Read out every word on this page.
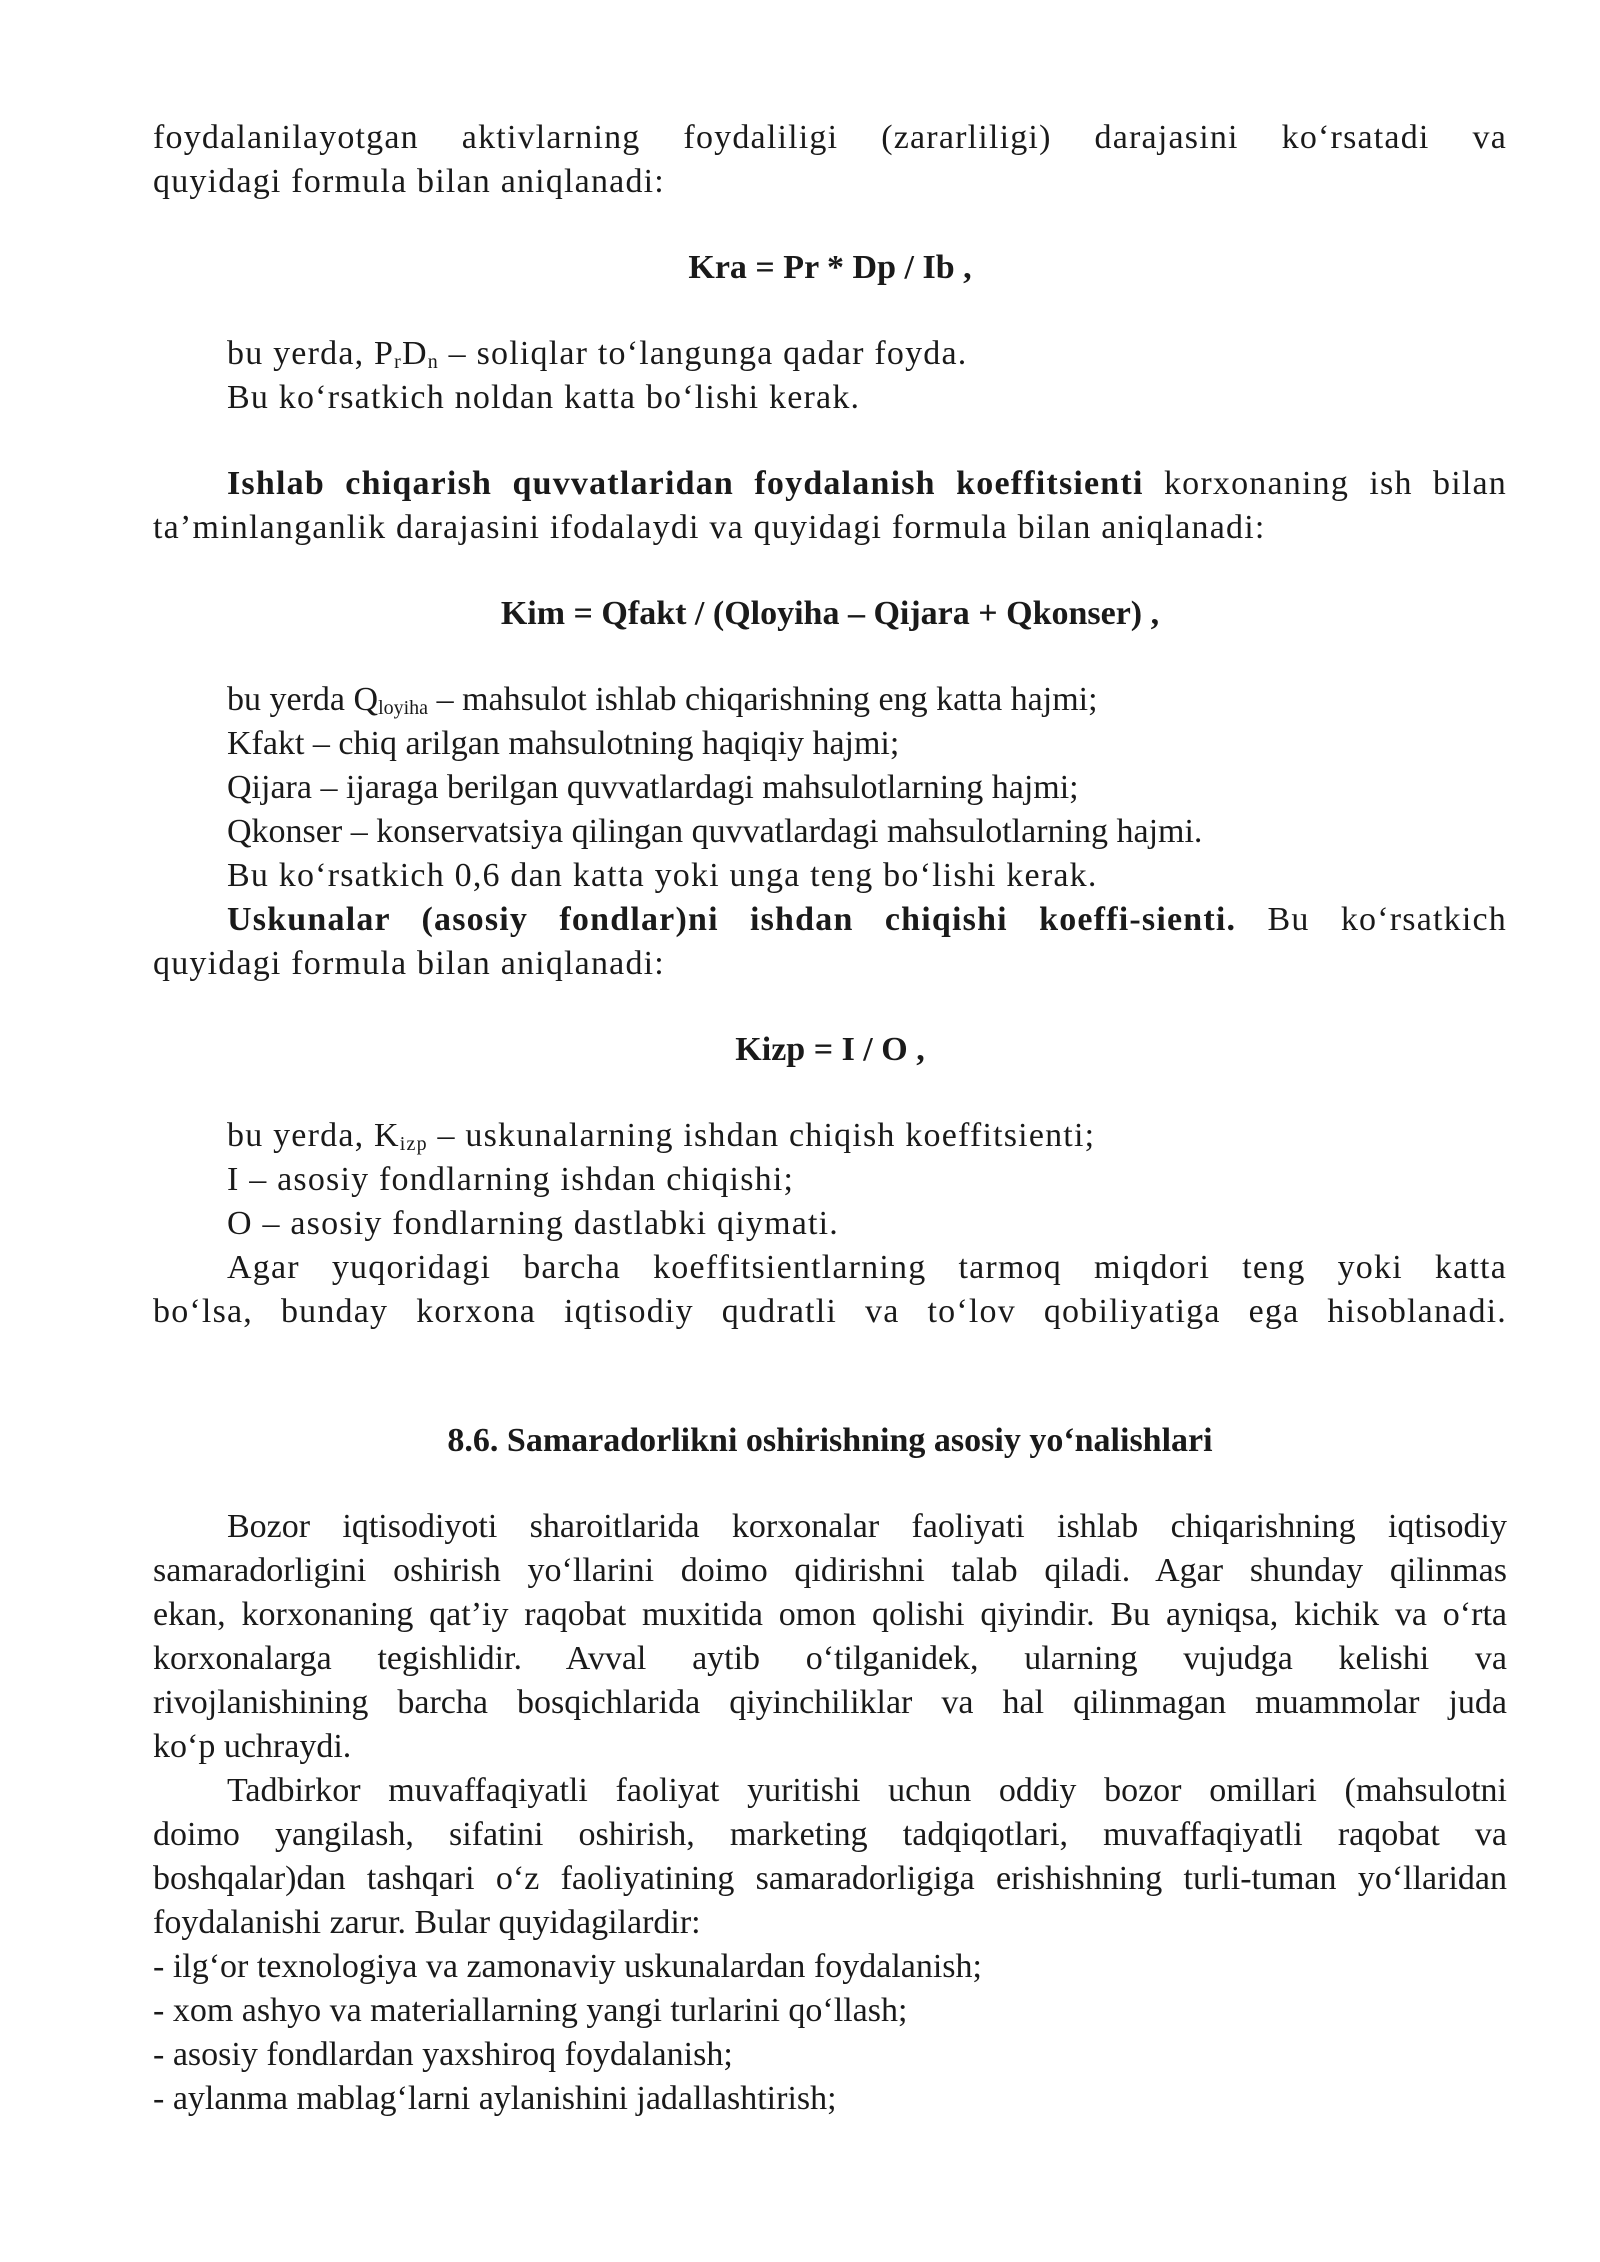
foydalanilayotgan aktivlarning foydaliligi (zararliligi) darajasini ko‘rsatadi va
quyidagi formula bilan aniqlanadi:
Kra = Pr * Dp / Ib ,
bu yerda, $P_rD_n$ – soliqlar to‘langunga qadar foyda.
Bu ko‘rsatkich noldan katta bo‘lishi kerak.
Ishlab chiqarish quvvatlaridan foydalanish koeffitsienti korxonaning ish bilan
ta’minlanganlik darajasini ifodalaydi va quyidagi formula bilan aniqlanadi:
Kim = Qfakt / (Qloyiha – Qijara + Qkonser) ,
bu yerda $Q_{loyiha}$ – mahsulot ishlab chiqarishning eng katta hajmi;
Kfakt – chiq arilgan mahsulotning haqiqiy hajmi;
Qijara – ijaraga berilgan quvvatlardagi mahsulotlarning hajmi;
Qkonser – konservatsiya qilingan quvvatlardagi mahsulotlarning hajmi.
Bu ko‘rsatkich 0,6 dan katta yoki unga teng bo‘lishi kerak.
Uskunalar (asosiy fondlar)ni ishdan chiqishi koeffi-sienti. Bu ko‘rsatkich
quyidagi formula bilan aniqlanadi:
Kizp = I / O ,
bu yerda, $K_{izp}$ – uskunalarning ishdan chiqish koeffitsienti;
I – asosiy fondlarning ishdan chiqishi;
O – asosiy fondlarning dastlabki qiymati.
Agar yuqoridagi barcha koeffitsientlarning tarmoq miqdori teng yoki katta
bo‘lsa, bunday korxona iqtisodiy qudratli va to‘lov qobiliyatiga ega hisoblanadi.
8.6. Samaradorlikni oshirishning asosiy yo‘nalishlari
Bozor iqtisodiyoti sharoitlarida korxonalar faoliyati ishlab chiqarishning iqtisodiy
samaradorligini oshirish yo‘llarini doimo qidirishni talab qiladi. Agar shunday qilinmas
ekan, korxonaning qat’iy raqobat muxitida omon qolishi qiyindir. Bu ayniqsa, kichik va o‘rta
korxonalarga tegishlidir. Avval aytib o‘tilganidek, ularning vujudga kelishi va
rivojlanishining barcha bosqichlarida qiyinchiliklar va hal qilinmagan muammolar juda
ko‘p uchraydi.
Tadbirkor muvaffaqiyatli faoliyat yuritishi uchun oddiy bozor omillari (mahsulotni
doimo yangilash, sifatini oshirish, marketing tadqiqotlari, muvaffaqiyatli raqobat va
boshqalar)dan tashqari o‘z faoliyatining samaradorligiga erishishning turli-tuman yo‘llaridan
foydalanishi zarur. Bular quyidagilardir:
- ilg‘or texnologiya va zamonaviy uskunalardan foydalanish;
- xom ashyo va materiallarning yangi turlarini qo‘llash;
- asosiy fondlardan yaxshiroq foydalanish;
- aylanma mablag‘larni aylanishini jadallashtirish;
